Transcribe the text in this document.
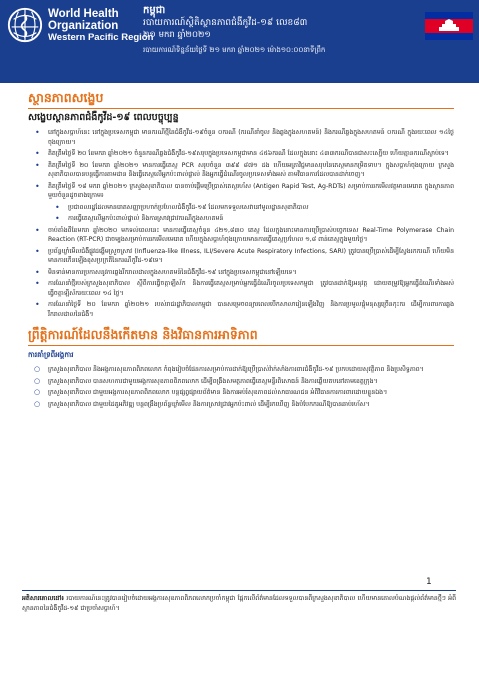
World Health
Organization
Western Pacific Region
កម្ពុជា
របាយការណ៍ស្ថិតិស្ថានភាពជំងឺកូវីដ-១៩ លេខ៨៣
២១ មករា ឆ្នាំ២០២១
របាយការណ៍ទិន្នន័យថ្ងៃទី ២១ មករា ឆ្នាំ២០២១ ម៉ោង១០:០០នាទីព្រឹក
ស្ថានភាពសង្ខេប
សង្ខេបស្ថានភាពជំងឺកូវីដ-១៩ ពេលបច្ចុប្បន្ន
• នៅក្នុងសប្តាហ៍នេះ នៅក្នុងប្រទេសកម្ពុជា មានករណីថ្មីនៃជំងឺកូវីដ-១៩ចំនួន ០ករណី (ករណីនាំចូល និងឆ្លងក្នុងសហគមន៍) និងករណីឆ្លងក្នុងសហគមន៍ ០ករណី ក្នុងរយៈពេល ១៤ថ្ងៃចុងក្រោយ។
• គិតត្រឹមថ្ងៃទី ២០ ខែមករា ឆ្នាំ២០២១ ចំនួនករណីឆ្លងជំងឺកូវីដ-១៩សរុបក្នុងប្រទេសកម្ពុជាមាន ៤៥៦ករណី ដែលក្នុងនោះ ៤៣៣ករណីបានជាសះស្បើយ ហើយគ្មានករណីស្លាប់ទេ។
• គិតត្រឹមថ្ងៃទី ២០ ខែមករា ឆ្នាំ២០២១ មានការធ្វើតេស្ត PCR សរុបចំនួន ៣៩៩ ៨៧១ ដង ហើយអត្រាវិជ្ជមានសរុបនៃតេស្តមានកម្រិតទាប។ ក្នុងសប្តាហ៍ចុងក្រោយ ក្រសួងសុខាភិបាលបានបន្តធ្វើការតាមដាន និងធ្វើតេស្តលើអ្នកប៉ះពាល់ផ្ទាល់ និងអ្នកធ្វើដំណើរចូលប្រទេសទាំងអស់ តាមវិធានការដែលបានដាក់ចេញ។
• គិតត្រឹមថ្ងៃទី ១៨ មករា ឆ្នាំ២០២១ ក្រសួងសុខាភិបាល បានចាប់ផ្តើមប្រើប្រាស់តេស្តរហ័ស (Antigen Rapid Test, Ag-RDTs) សម្រាប់ការរកមើលវត្តមានមេរោគ ក្នុងស្ថានភាពមួយចំនួនដូចខាងក្រោម៖
• ប្រជាពលរដ្ឋដែលមានរោគសញ្ញាប្រហាក់ប្រហែលជំងឺកូវីដ-១៩ ដែលមកទទួលសេវានៅមូលដ្ឋានសុខាភិបាល
• ការធ្វើតេស្តលើអ្នកប៉ះពាល់ផ្ទាល់ និងការស្រាវជ្រាវករណីក្នុងសហគមន៍
• ចាប់តាំងពីខែមករា ឆ្នាំ២០២០ មកទល់ពេលនេះ មានការធ្វើតេស្តចំនួន ៤២១,៨៣០ តេស្ត ដែលក្នុងនោះមានការប្រើប្រាស់បច្ចេកទេស Real-Time Polymerase Chain Reaction (RT-PCR) ជាចម្បងសម្រាប់ការរកមើលមេរោគ ហើយក្នុងសប្តាហ៍ចុងក្រោយមានការធ្វើតេស្តប្រហែល ១,៨ ពាន់តេស្តក្នុងមួយថ្ងៃ។
• ប្រព័ន្ធឃ្លាំមើលជំងឺផ្លូវដង្ហើមស្រួចស្រាវ (Influenza-like Illness, ILI/Severe Acute Respiratory Infections, SARI) ត្រូវបានប្រើប្រាស់ដើម្បីស្វែងរកករណី ហើយមិនមានការកើនឡើងខុសប្រក្រតីនៃករណីកូវីដ-១៩ទេ។
• មិនទាន់មានការប្រកាសនូវការឆ្លងរីករាលដាលក្នុងសហគមន៍នៃជំងឺកូវីដ-១៩ នៅក្នុងប្រទេសកម្ពុជានៅឡើយទេ។
• ការណែនាំថ្មីរបស់ក្រសួងសុខាភិបាល ស្តីពីការធ្វើចត្តាឡីស័ក និងការធ្វើតេស្តសម្រាប់អ្នកធ្វើដំណើរចូលប្រទេសកម្ពុជា ត្រូវបានដាក់ឱ្យអនុវត្ត ដោយតម្រូវឱ្យអ្នកធ្វើដំណើរទាំងអស់ធ្វើចត្តាឡីស័ករយៈពេល ១៤ ថ្ងៃ។
• ការណែនាំថ្ងៃទី ២០ ខែមករា ឆ្នាំ២០២១ របស់រាជរដ្ឋាភិបាលកម្ពុជា បានសម្រេចពន្យារពេលបើកសាលារៀនឡើងវិញ និងការប្រមូលផ្តុំមនុស្សច្រើនកុះករ ដើម្បីការពារការឆ្លងរីករាលដាលនៃជំងឺ។
ព្រឹត្តិការណ៍ដែលនឹងកើតមាន និងវិធានការអាទិភាព
ការគាំទ្រពីអង្គការ
○ ក្រសួងសុខាភិបាល និងអង្គការសុខភាពពិភពលោក កំពុងរៀបចំផែនការសម្រាប់ការដាក់ឱ្យប្រើប្រាស់វ៉ាក់សាំងការពារជំងឺកូវីដ-១៩ ប្រកបដោយសុវត្ថិភាព និងប្រសិទ្ធភាព។
○ ក្រសួងសុខាភិបាល បានសហការជាមួយអង្គការសុខភាពពិភពលោក ដើម្បីពង្រឹងសមត្ថភាពធ្វើតេស្តមន្ទីរពិសោធន៍ និងការឆ្លើយតបនៅតាមខេត្តក្រុង។
○ ក្រសួងសុខាភិបាល ជាមួយអង្គការសុខភាពពិភពលោក បន្តផ្សព្វផ្សាយព័ត៌មាន និងការអប់រំសុខភាពដល់សាធារណជន អំពីវិធានការការពារដោយខ្លួនឯង។
○ ក្រសួងសុខាភិបាល ជាមួយដៃគូអភិវឌ្ឍ បន្តពង្រឹងប្រព័ន្ធឃ្លាំមើល និងការស្រាវជ្រាវអ្នកប៉ះពាល់ ដើម្បីរកឃើញ និងបំបែកករណីឱ្យបានឆាប់រហ័ស។
1
អតិសារគោលដៅ៖ របាយការណ៍នេះត្រូវបានរៀបចំដោយអង្គការសុខភាពពិភពលោកប្រចាំកម្ពុជា ផ្អែកលើព័ត៌មានដែលទទួលបានពីក្រសួងសុខាភិបាល ហើយមានគោលបំណងផ្តល់ព័ត៌មានថ្មីៗ អំពីស្ថានភាពនៃជំងឺកូវីដ-១៩ ជាប្រចាំសប្តាហ៍។
